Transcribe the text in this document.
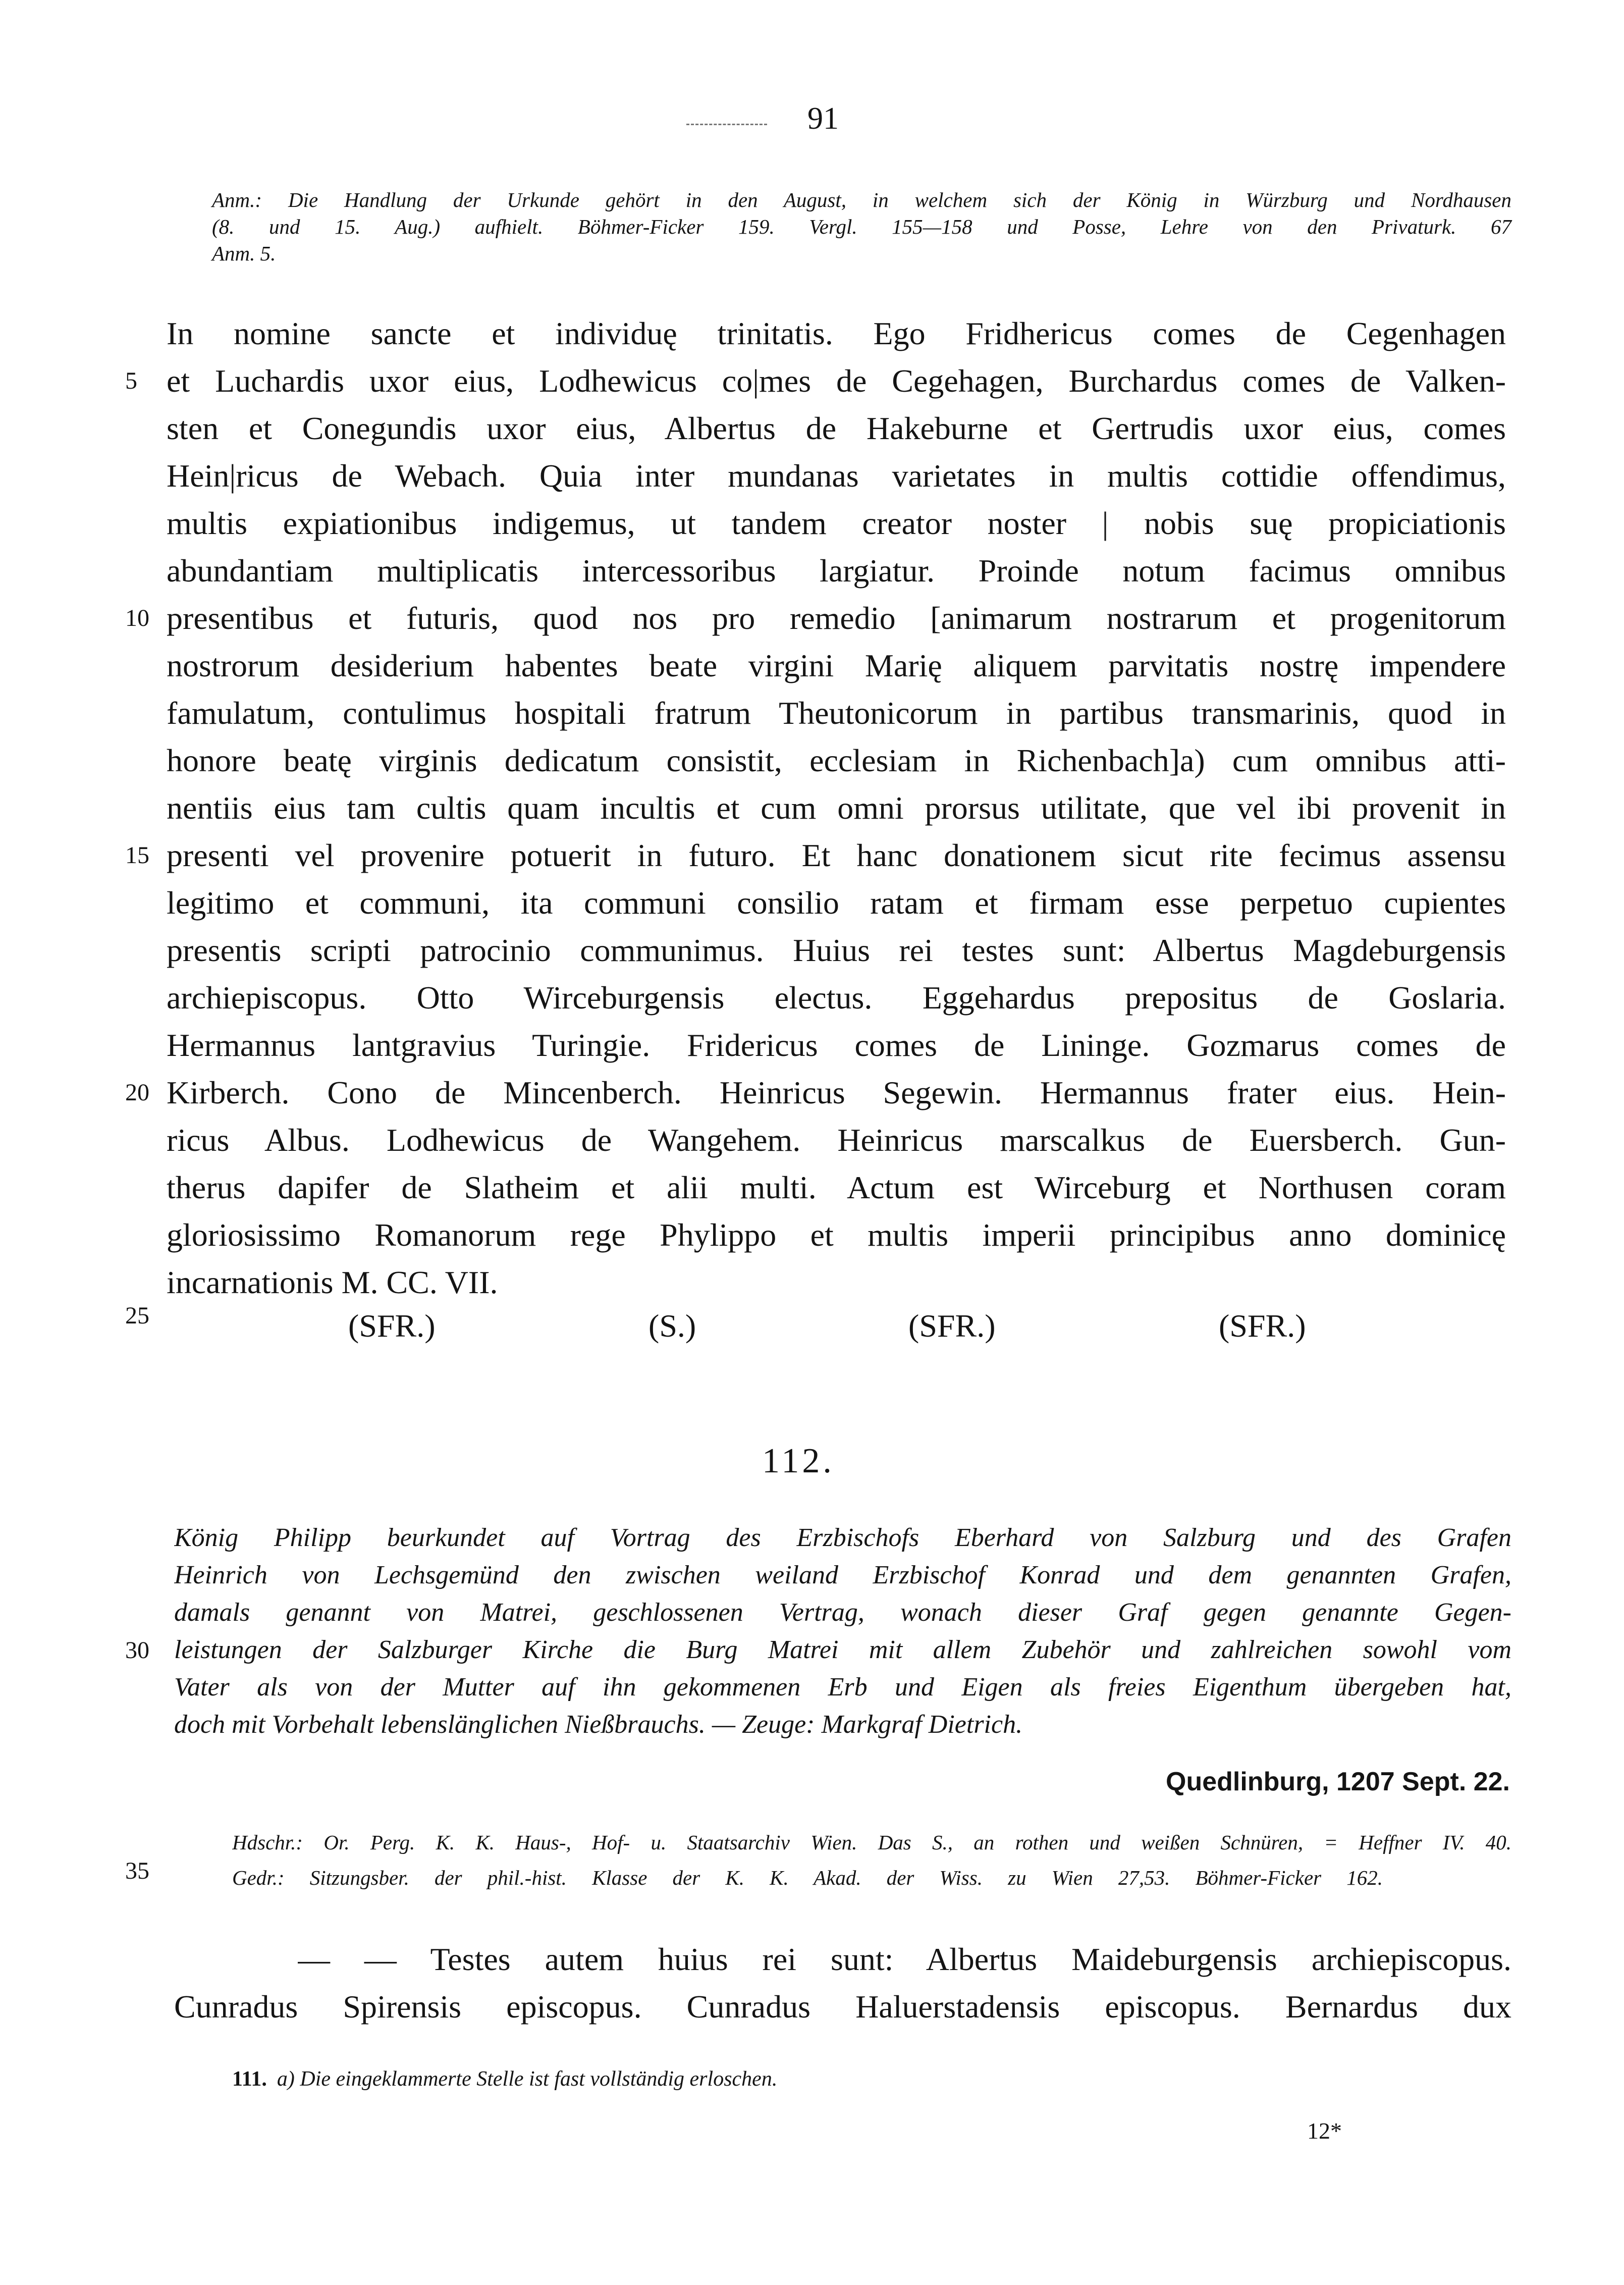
91
Anm.: Die Handlung der Urkunde gehört in den August, in welchem sich der König in Würzburg und Nordhausen
(8. und 15. Aug.) aufhielt. Böhmer-Ficker 159. Vergl. 155—158 und Posse, Lehre von den Privaturk. 67
Anm. 5.
In nomine sancte et individuę trinitatis. Ego Fridhericus comes de Cegenhagen
et Luchardis uxor eius, Lodhewicus co|mes de Cegehagen, Burchardus comes de Valken-
sten et Conegundis uxor eius, Albertus de Hakeburne et Gertrudis uxor eius, comes
Hein|ricus de Webach. Quia inter mundanas varietates in multis cottidie offendimus,
multis expiationibus indigemus, ut tandem creator noster | nobis suę propiciationis
abundantiam multiplicatis intercessoribus largiatur. Proinde notum facimus omnibus
presentibus et futuris, quod nos pro remedio [animarum nostrarum et progenitorum
nostrorum desiderium habentes beate virgini Marię aliquem parvitatis nostrę impendere
famulatum, contulimus hospitali fratrum Theutonicorum in partibus transmarinis, quod in
honore beatę virginis dedicatum consistit, ecclesiam in Richenbach]a) cum omnibus atti-
nentiis eius tam cultis quam incultis et cum omni prorsus utilitate, que vel ibi provenit in
presenti vel provenire potuerit in futuro. Et hanc donationem sicut rite fecimus assensu
legitimo et communi, ita communi consilio ratam et firmam esse perpetuo cupientes
presentis scripti patrocinio communimus. Huius rei testes sunt: Albertus Magdeburgensis
archiepiscopus. Otto Wirceburgensis electus. Eggehardus prepositus de Goslaria.
Hermannus lantgravius Turingie. Fridericus comes de Lininge. Gozmarus comes de
Kirberch. Cono de Mincenberch. Heinricus Segewin. Hermannus frater eius. Hein-
ricus Albus. Lodhewicus de Wangehem. Heinricus marscalkus de Euersberch. Gun-
therus dapifer de Slatheim et alii multi. Actum est Wirceburg et Northusen coram
gloriosissimo Romanorum rege Phylippo et multis imperii principibus anno dominicę
incarnationis M. CC. VII.
5
10
15
20
25	(SFR.)	(S.)	(SFR.)	(SFR.)
112.
König Philipp beurkundet auf Vortrag des Erzbischofs Eberhard von Salzburg und des Grafen
Heinrich von Lechsgemünd den zwischen weiland Erzbischof Konrad und dem genannten Grafen,
damals genannt von Matrei, geschlossenen Vertrag, wonach dieser Graf gegen genannte Gegen-
leistungen der Salzburger Kirche die Burg Matrei mit allem Zubehör und zahlreichen sowohl vom
Vater als von der Mutter auf ihn gekommenen Erb und Eigen als freies Eigenthum übergeben hat,
doch mit Vorbehalt lebenslänglichen Nießbrauchs. — Zeuge: Markgraf Dietrich.
30
Quedlinburg, 1207 Sept. 22.
Hdschr.: Or. Perg. K. K. Haus-, Hof- u. Staatsarchiv Wien. Das S., an rothen und weißen Schnüren, = Heffner IV. 40.
Gedr.: Sitzungsber. der phil.-hist. Klasse der K. K. Akad. der Wiss. zu Wien 27,53. Böhmer-Ficker 162.
35
— — Testes autem huius rei sunt: Albertus Maideburgensis archiepiscopus.
Cunradus Spirensis episcopus. Cunradus Haluerstadensis episcopus. Bernardus dux
111. a) Die eingeklammerte Stelle ist fast vollständig erloschen.
12*
